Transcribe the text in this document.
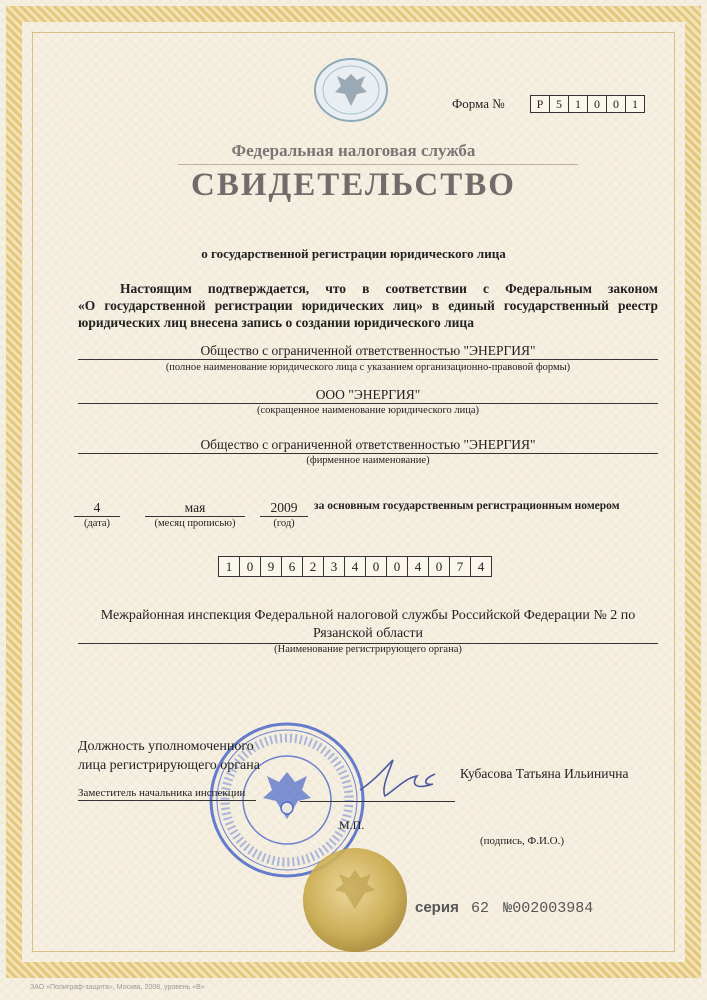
Форма №	Р	5	1	0	0	1
Федеральная налоговая служба
СВИДЕТЕЛЬСТВО
о государственной регистрации юридического лица
Настоящим подтверждается, что в соответствии с Федеральным законом
«О государственной регистрации юридических лиц» в единый государственный реестр
юридических лиц внесена запись о создании юридического лица
Общество с ограниченной ответственностью "ЭНЕРГИЯ"
(полное наименование юридического лица с указанием организационно-правовой формы)
ООО "ЭНЕРГИЯ"
(сокращенное наименование юридического лица)
Общество с ограниченной ответственностью "ЭНЕРГИЯ"
(фирменное наименование)
4	мая	2009
(дата)	(месяц прописью)	(год)
за основным государственным регистрационным номером
1	0	9	6	2	3	4	0	0	4	0	7	4
Межрайонная инспекция Федеральной налоговой службы Российской Федерации № 2 по
Рязанской области
(Наименование регистрирующего органа)
Должность уполномоченного
лица регистрирующего органа
Заместитель начальника инспекции
Кубасова Татьяна Ильинична
М.П.
(подпись, Ф.И.О.)
серия 62 №002003984
ЗАО «Полиграф-защита», Москва, 2008, уровень «В»
